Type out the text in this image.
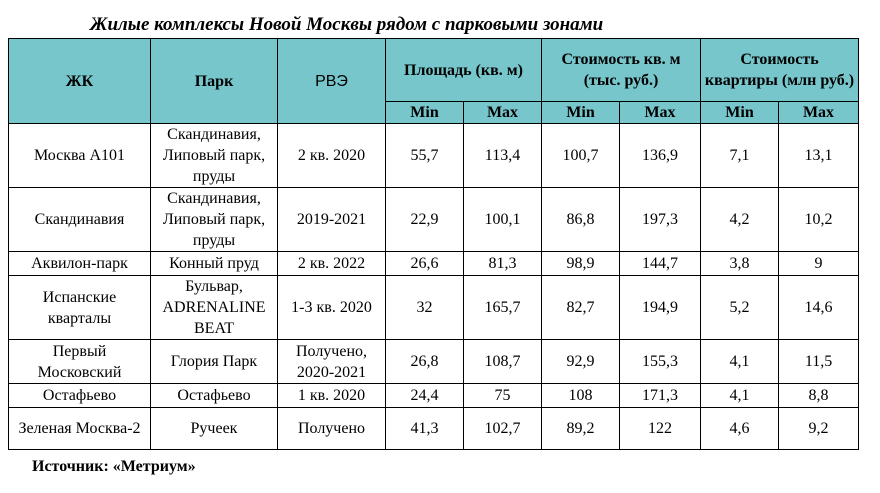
Жилые комплексы Новой Москвы рядом с парковыми зонами
ЖК	Парк	РВЭ	Площадь (кв. м)		Стоимость кв. м (тыс. руб.)		Стоимость квартиры (млн руб.)	
			Min	Max	Min	Max	Min	Max
Москва А101	Скандинавия, Липовый парк, пруды	2 кв. 2020	55,7	113,4	100,7	136,9	7,1	13,1
Скандинавия	Скандинавия, Липовый парк, пруды	2019-2021	22,9	100,1	86,8	197,3	4,2	10,2
Аквилон-парк	Конный пруд	2 кв. 2022	26,6	81,3	98,9	144,7	3,8	9
Испанские кварталы	Бульвар, ADRENALINE BEAT	1-3 кв. 2020	32	165,7	82,7	194,9	5,2	14,6
Первый Московский	Глория Парк	Получено, 2020-2021	26,8	108,7	92,9	155,3	4,1	11,5
Остафьево	Остафьево	1 кв. 2020	24,4	75	108	171,3	4,1	8,8
Зеленая Москва-2	Ручеек	Получено	41,3	102,7	89,2	122	4,6	9,2
Источник: «Метриум»
